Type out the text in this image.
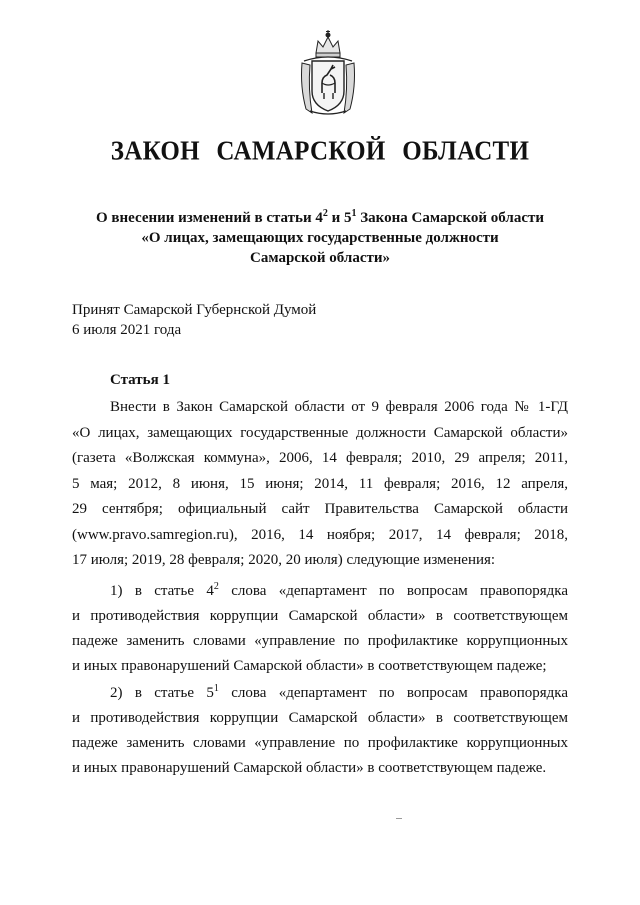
ЗАКОН САМАРСКОЙ ОБЛАСТИ
О внесении изменений в статьи $4^2$ и $5^1$ Закона Самарской области
«О лицах, замещающих государственные должности
Самарской области»
Принят Самарской Губернской Думой
6 июля 2021 года
Статья 1
Внести в Закон Самарской области от 9 февраля 2006 года № 1-ГД
«О лицах, замещающих государственные должности Самарской области»
(газета «Волжская коммуна», 2006, 14 февраля; 2010, 29 апреля; 2011,
5 мая; 2012, 8 июня, 15 июня; 2014, 11 февраля; 2016, 12 апреля,
29 сентября; официальный сайт Правительства Самарской области
(www.pravo.samregion.ru), 2016, 14 ноября; 2017, 14 февраля; 2018,
17 июля; 2019, 28 февраля; 2020, 20 июля) следующие изменения:
1) в статье $4^2$ слова «департамент по вопросам правопорядка
и противодействия коррупции Самарской области» в соответствующем
падеже заменить словами «управление по профилактике коррупционных
и иных правонарушений Самарской области» в соответствующем падеже;
2) в статье $5^1$ слова «департамент по вопросам правопорядка
и противодействия коррупции Самарской области» в соответствующем
падеже заменить словами «управление по профилактике коррупционных
и иных правонарушений Самарской области» в соответствующем падеже.
